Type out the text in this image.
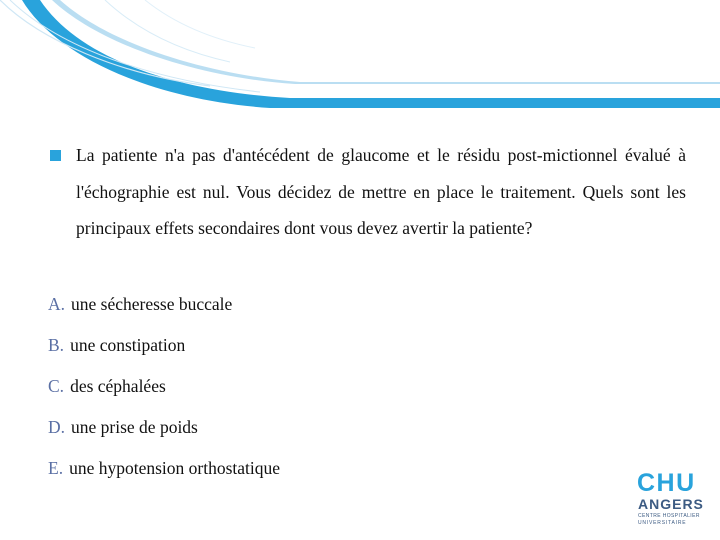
La patiente n'a pas d'antécédent de glaucome et le résidu post-mictionnel évalué à l'échographie est nul. Vous décidez de mettre en place le traitement. Quels sont les principaux effets secondaires dont vous devez avertir la patiente?
A. une sécheresse buccale
B. une constipation
C. des céphalées
D. une prise de poids
E. une hypotension orthostatique
CHU
ANGERS
CENTRE HOSPITALIER
UNIVERSITAIRE
